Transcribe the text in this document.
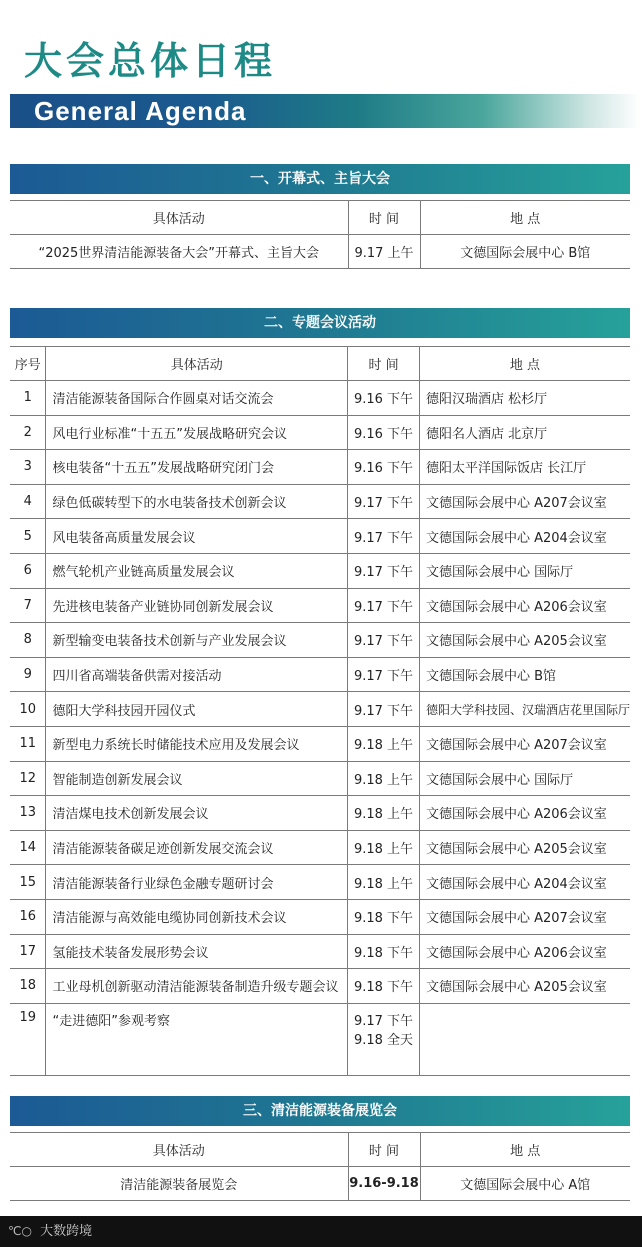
大会总体日程
General Agenda
一、开幕式、主旨大会
具体活动	时 间	地 点
“2025世界清洁能源装备大会”开幕式、主旨大会	9.17 上午	文德国际会展中心 B馆
二、专题会议活动
序号	具体活动	时 间	地 点
1	清洁能源装备国际合作圆桌对话交流会	9.16 下午	德阳汉瑞酒店 松杉厅
2	风电行业标准“十五五”发展战略研究会议	9.16 下午	德阳名人酒店 北京厅
3	核电装备“十五五”发展战略研究闭门会	9.16 下午	德阳太平洋国际饭店 长江厅
4	绿色低碳转型下的水电装备技术创新会议	9.17 下午	文德国际会展中心 A207会议室
5	风电装备高质量发展会议	9.17 下午	文德国际会展中心 A204会议室
6	燃气轮机产业链高质量发展会议	9.17 下午	文德国际会展中心 国际厅
7	先进核电装备产业链协同创新发展会议	9.17 下午	文德国际会展中心 A206会议室
8	新型输变电装备技术创新与产业发展会议	9.17 下午	文德国际会展中心 A205会议室
9	四川省高端装备供需对接活动	9.17 下午	文德国际会展中心 B馆
10	德阳大学科技园开园仪式	9.17 下午	德阳大学科技园、汉瑞酒店花里国际厅
11	新型电力系统长时储能技术应用及发展会议	9.18 上午	文德国际会展中心 A207会议室
12	智能制造创新发展会议	9.18 上午	文德国际会展中心 国际厅
13	清洁煤电技术创新发展会议	9.18 上午	文德国际会展中心 A206会议室
14	清洁能源装备碳足迹创新发展交流会议	9.18 上午	文德国际会展中心 A205会议室
15	清洁能源装备行业绿色金融专题研讨会	9.18 上午	文德国际会展中心 A204会议室
16	清洁能源与高效能电缆协同创新技术会议	9.18 下午	文德国际会展中心 A207会议室
17	氢能技术装备发展形势会议	9.18 下午	文德国际会展中心 A206会议室
18	工业母机创新驱动清洁能源装备制造升级专题会议	9.18 下午	文德国际会展中心 A205会议室
19	“走进德阳”参观考察	9.17 下午
9.18 全天	

三、清洁能源装备展览会
具体活动	时 间	地 点
清洁能源装备展览会	9.16-9.18	文德国际会展中心 A馆
℃○ 大数跨境
